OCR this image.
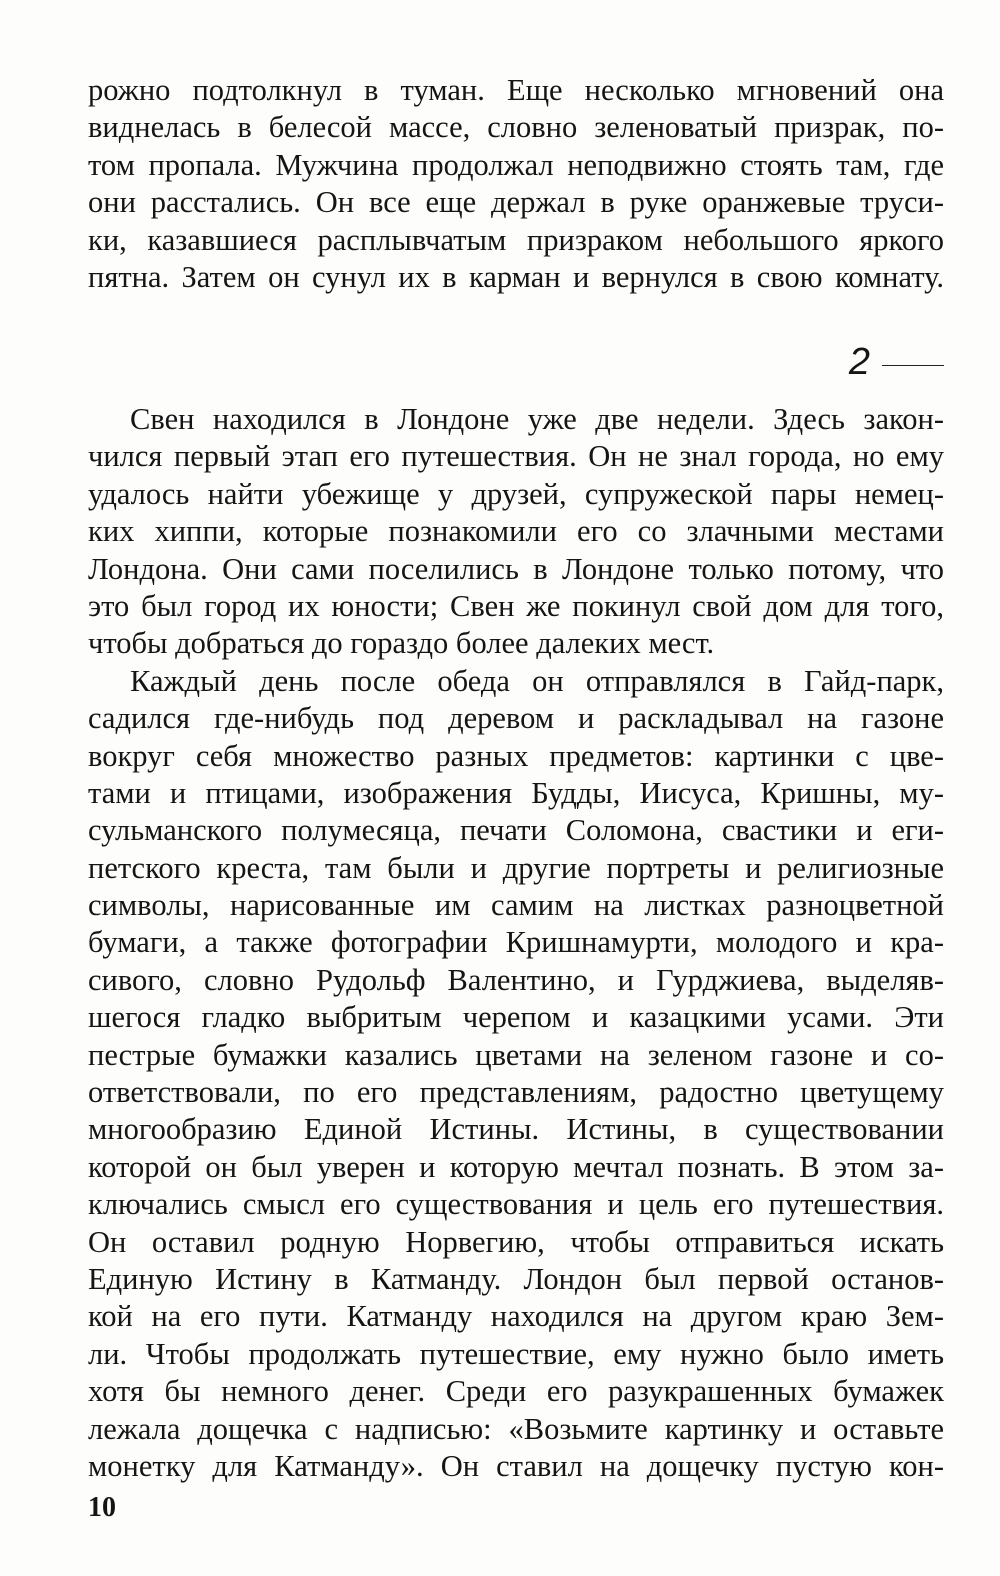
рожно подтолкнул в туман. Еще несколько мгновений она
виднелась в белесой массе, словно зеленоватый призрак, по-
том пропала. Мужчина продолжал неподвижно стоять там, где
они расстались. Он все еще держал в руке оранжевые труси-
ки, казавшиеся расплывчатым призраком небольшого яркого
пятна. Затем он сунул их в карман и вернулся в свою комнату.
2
Свен находился в Лондоне уже две недели. Здесь закон-
чился первый этап его путешествия. Он не знал города, но ему
удалось найти убежище у друзей, супружеской пары немец-
ких хиппи, которые познакомили его со злачными местами
Лондона. Они сами поселились в Лондоне только потому, что
это был город их юности; Свен же покинул свой дом для того,
чтобы добраться до гораздо более далеких мест.
Каждый день после обеда он отправлялся в Гайд-парк,
садился где-нибудь под деревом и раскладывал на газоне
вокруг себя множество разных предметов: картинки с цве-
тами и птицами, изображения Будды, Иисуса, Кришны, му-
сульманского полумесяца, печати Соломона, свастики и еги-
петского креста, там были и другие портреты и религиозные
символы, нарисованные им самим на листках разноцветной
бумаги, а также фотографии Кришнамурти, молодого и кра-
сивого, словно Рудольф Валентино, и Гурджиева, выделяв-
шегося гладко выбритым черепом и казацкими усами. Эти
пестрые бумажки казались цветами на зеленом газоне и со-
ответствовали, по его представлениям, радостно цветущему
многообразию Единой Истины. Истины, в существовании
которой он был уверен и которую мечтал познать. В этом за-
ключались смысл его существования и цель его путешествия.
Он оставил родную Норвегию, чтобы отправиться искать
Единую Истину в Катманду. Лондон был первой останов-
кой на его пути. Катманду находился на другом краю Зем-
ли. Чтобы продолжать путешествие, ему нужно было иметь
хотя бы немного денег. Среди его разукрашенных бумажек
лежала дощечка с надписью: «Возьмите картинку и оставьте
монетку для Катманду». Он ставил на дощечку пустую кон-
10
